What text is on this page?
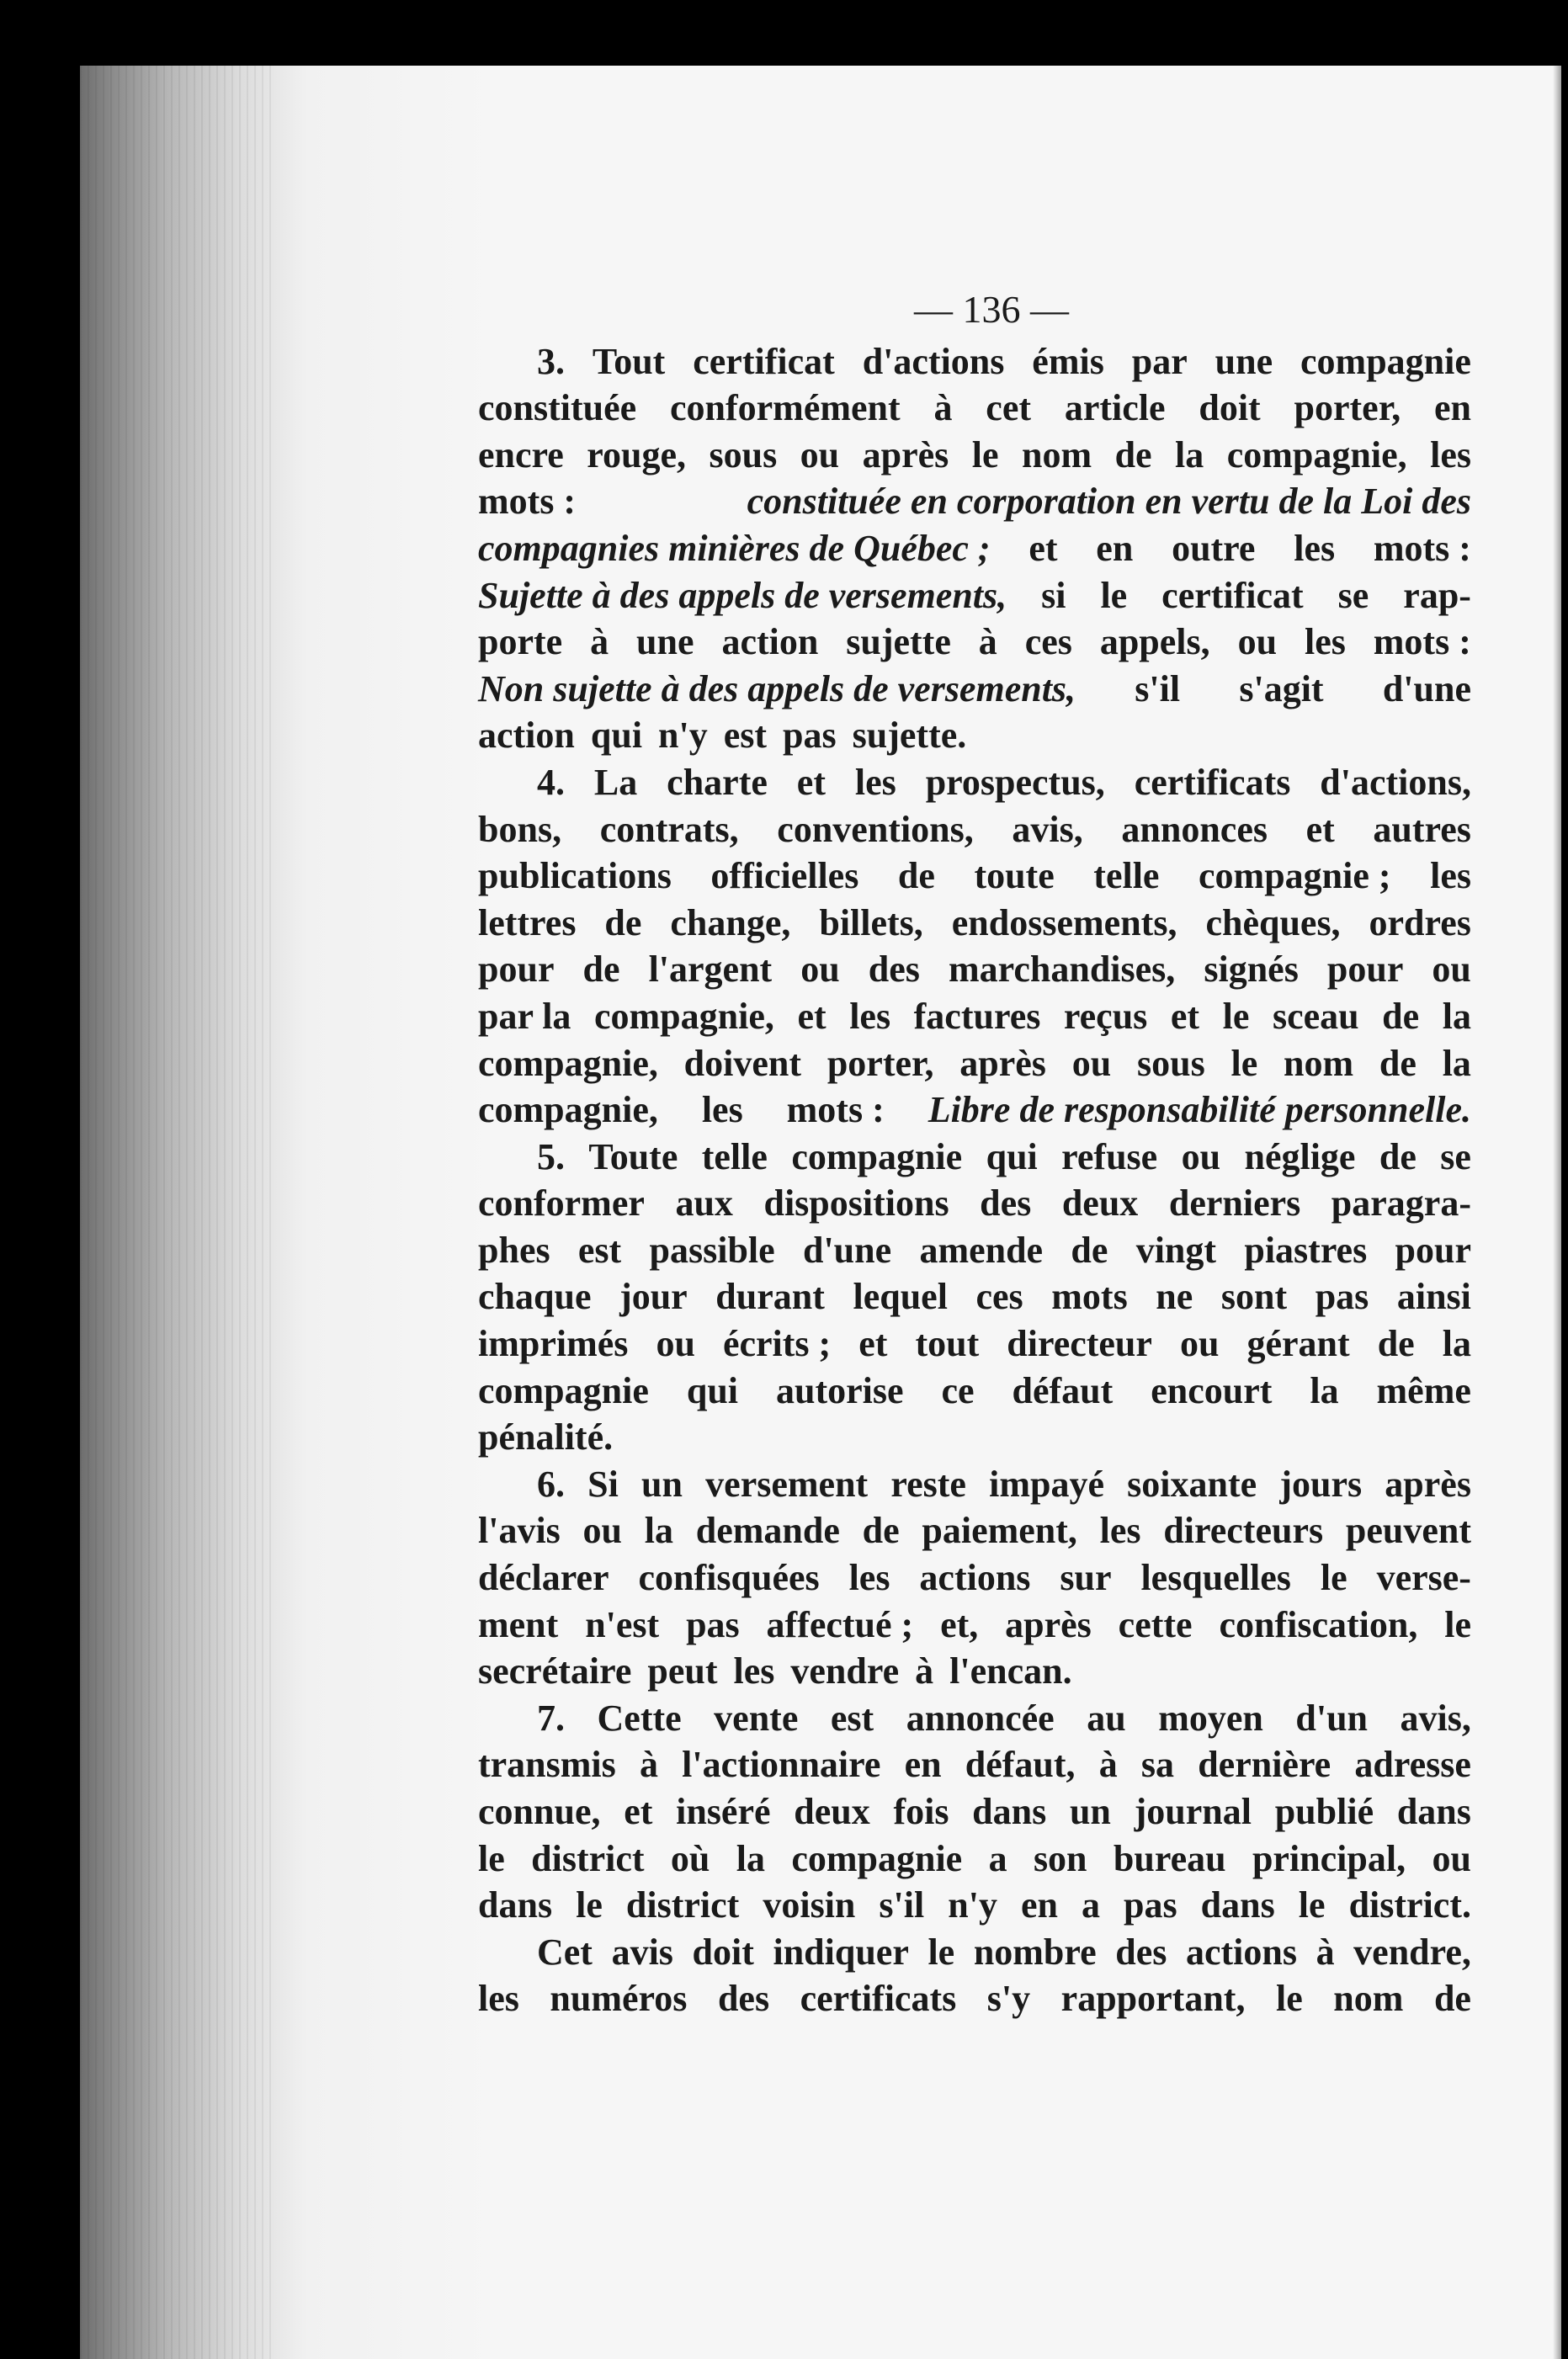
— 136 —
3. Tout certificat d'actions émis par une compagnie
constituée conformément à cet article doit porter, en
encre rouge, sous ou après le nom de la compagnie, les
mots :	constituée en corporation en vertu de la Loi des
compagnies minières de Québec ; et en outre les mots :
Sujette à des appels de versements, si le certificat se rap-
porte à une action sujette à ces appels, ou les mots :
Non sujette à des appels de versements, s'il s'agit d'une
action qui n'y est pas sujette.
4. La charte et les prospectus, certificats d'actions,
bons, contrats, conventions, avis, annonces et autres
publications officielles de toute telle compagnie ; les
lettres de change, billets, endossements, chèques, ordres
pour de l'argent ou des marchandises, signés pour ou
par la compagnie, et les factures reçus et le sceau de la
compagnie, doivent porter, après ou sous le nom de la
compagnie, les mots : Libre de responsabilité personnelle.
5. Toute telle compagnie qui refuse ou néglige de se
conformer aux dispositions des deux derniers paragra-
phes est passible d'une amende de vingt piastres pour
chaque jour durant lequel ces mots ne sont pas ainsi
imprimés ou écrits ; et tout directeur ou gérant de la
compagnie qui autorise ce défaut encourt la même
pénalité.
6. Si un versement reste impayé soixante jours après
l'avis ou la demande de paiement, les directeurs peuvent
déclarer confisquées les actions sur lesquelles le verse-
ment n'est pas affectué ; et, après cette confiscation, le
secrétaire peut les vendre à l'encan.
7. Cette vente est annoncée au moyen d'un avis,
transmis à l'actionnaire en défaut, à sa dernière adresse
connue, et inséré deux fois dans un journal publié dans
le district où la compagnie a son bureau principal, ou
dans le district voisin s'il n'y en a pas dans le district.
Cet avis doit indiquer le nombre des actions à vendre,
les numéros des certificats s'y rapportant, le nom de
